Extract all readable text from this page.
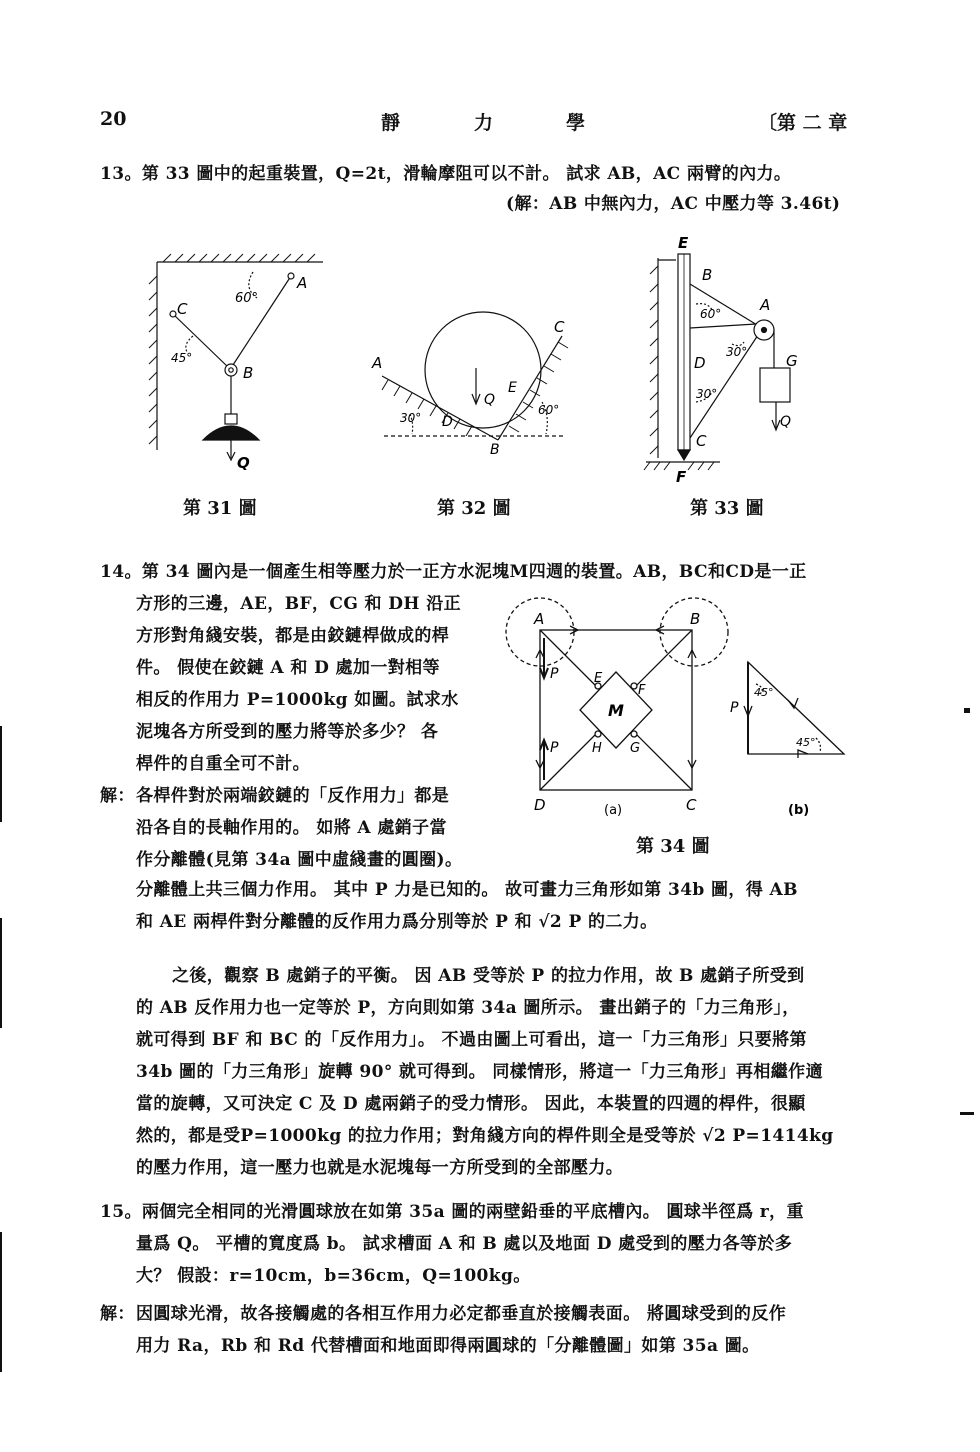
20	靜	力	學	〔第 二 章
13。第 33 圖中的起重裝置，Q=2t，滑輪摩阻可以不計。 試求 AB，AC 兩臂的內力。
(解：AB 中無內力，AC 中壓力等 3.46t)
A
C
B
Q
60°
45°
第 31 圖
A
C
Q
E
D
B
30°
60°
第 32 圖
E
B
A
D	G
Q
C
F
60°
30°
30°
第 33 圖
14。第 34 圖內是一個產生相等壓力於一正方水泥塊M四週的裝置。AB，BC和CD是一正
方形的三邊，AE，BF，CG 和 DH 沿正
方形對角綫安裝，都是由鉸鏈桿做成的桿
件。 假使在鉸鏈 A 和 D 處加一對相等
相反的作用力 P=1000kg 如圖。試求水
泥塊各方所受到的壓力將等於多少？ 各
桿件的自重全可不計。
解： 各桿件對於兩端鉸鏈的「反作用力」都是
沿各自的長軸作用的。 如將 A 處銷子當
作分離體(見第 34a 圖中虛綫畫的圓圈)。
A	B
C
D
E
F
G
H
M
P
P
P
45°
45°
(a)	(b)
第 34 圖
分離體上共三個力作用。 其中 P 力是已知的。 故可畫力三角形如第 34b 圖，得 AB
和 AE 兩桿件對分離體的反作用力爲分別等於 P 和 √2 P 的二力。
之後，觀察 B 處銷子的平衡。 因 AB 受等於 P 的拉力作用，故 B 處銷子所受到
的 AB 反作用力也一定等於 P，方向則如第 34a 圖所示。 畫出銷子的「力三角形」，
就可得到 BF 和 BC 的「反作用力」。 不過由圖上可看出，這一「力三角形」只要將第
34b 圖的「力三角形」旋轉 90° 就可得到。 同樣情形，將這一「力三角形」再相繼作適
當的旋轉，又可決定 C 及 D 處兩銷子的受力情形。 因此，本裝置的四週的桿件，很顯
然的，都是受P=1000kg 的拉力作用；對角綫方向的桿件則全是受等於 √2 P=1414kg
的壓力作用，這一壓力也就是水泥塊每一方所受到的全部壓力。
15。兩個完全相同的光滑圓球放在如第 35a 圖的兩壁鉛垂的平底槽內。 圓球半徑爲 r，重
量爲 Q。 平槽的寬度爲 b。 試求槽面 A 和 B 處以及地面 D 處受到的壓力各等於多
大？ 假設：r=10cm，b=36cm，Q=100kg。
解： 因圓球光滑，故各接觸處的各相互作用力必定都垂直於接觸表面。 將圓球受到的反作
用力 Ra，Rb 和 Rd 代替槽面和地面即得兩圓球的「分離體圖」如第 35a 圖。
